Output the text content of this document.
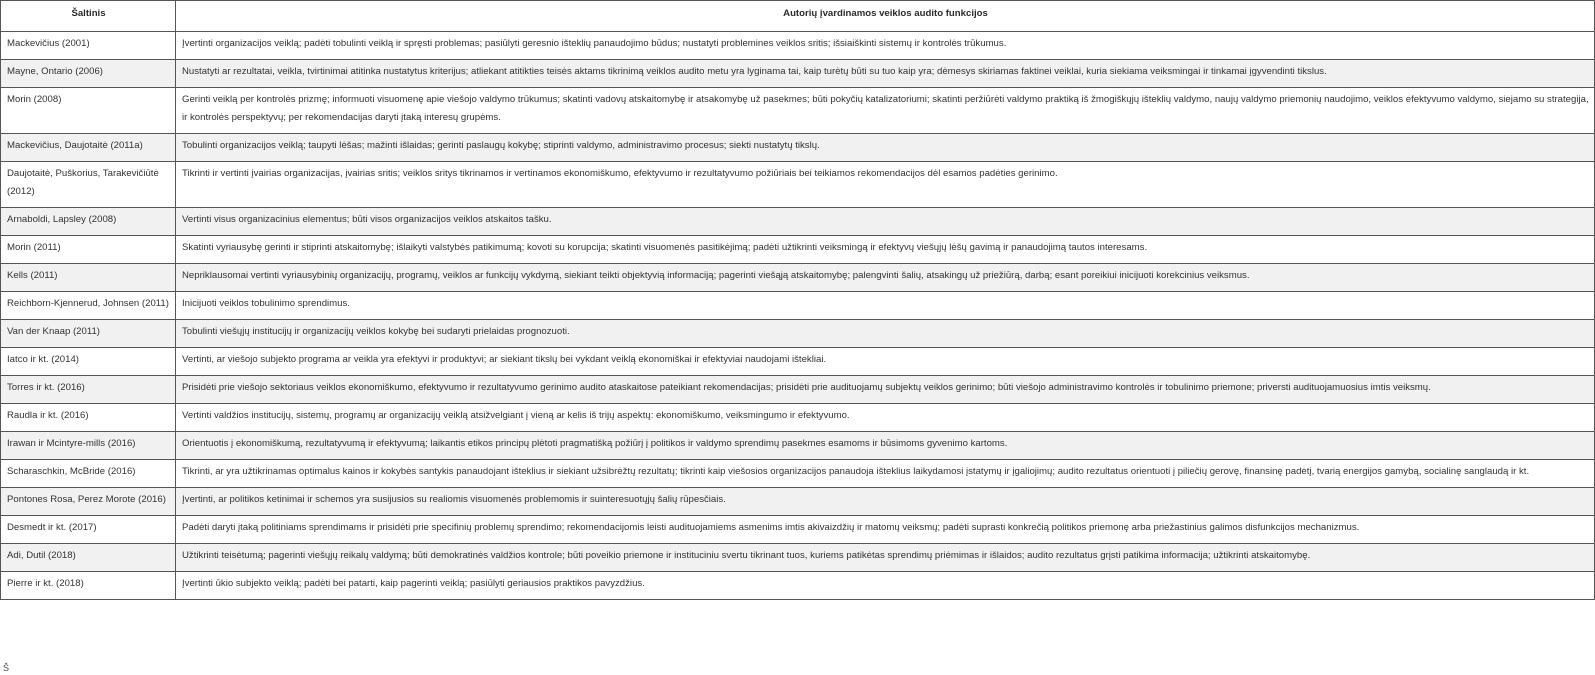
Šaltinis	Autorių įvardinamos veiklos audito funkcijos
Mackevičius (2001)	Įvertinti organizacijos veiklą; padėti tobulinti veiklą ir spręsti problemas; pasiūlyti geresnio išteklių panaudojimo būdus; nustatyti problemines veiklos sritis; išsiaiškinti sistemų ir kontrolės trūkumus.
Mayne, Ontario (2006)	Nustatyti ar rezultatai, veikla, tvirtinimai atitinka nustatytus kriterijus; atliekant atitikties teisės aktams tikrinimą veiklos audito metu yra lyginama tai, kaip turėtų būti su tuo kaip yra; dėmesys skiriamas faktinei veiklai, kuria siekiama veiksmingai ir tinkamai įgyvendinti tikslus.
Morin (2008)	Gerinti veiklą per kontrolės prizmę; informuoti visuomenę apie viešojo valdymo trūkumus; skatinti vadovų atskaitomybę ir atsakomybę už pasekmes; būti pokyčių katalizatoriumi; skatinti peržiūrėti valdymo praktiką iš žmogiškųjų išteklių valdymo, naujų valdymo priemonių naudojimo, veiklos efektyvumo valdymo, siejamo su strategija, ir kontrolės perspektyvų; per rekomendacijas daryti įtaką interesų grupėms.
Mackevičius, Daujotaitė (2011a)	Tobulinti organizacijos veiklą; taupyti lėšas; mažinti išlaidas; gerinti paslaugų kokybę; stiprinti valdymo, administravimo procesus; siekti nustatytų tikslų.
Daujotaitė, Puškorius, Tarakevičiūtė (2012)	Tikrinti ir vertinti įvairias organizacijas, įvairias sritis; veiklos sritys tikrinamos ir vertinamos ekonomiškumo, efektyvumo ir rezultatyvumo požiūriais bei teikiamos rekomendacijos dėl esamos padėties gerinimo.
Arnaboldi, Lapsley (2008)	Vertinti visus organizacinius elementus; būti visos organizacijos veiklos atskaitos tašku.
Morin (2011)	Skatinti vyriausybę gerinti ir stiprinti atskaitomybę; išlaikyti valstybės patikimumą; kovoti su korupcija; skatinti visuomenės pasitikėjimą; padėti užtikrinti veiksmingą ir efektyvų viešųjų lėšų gavimą ir panaudojimą tautos interesams.
Kells (2011)	Nepriklausomai vertinti vyriausybinių organizacijų, programų, veiklos ar funkcijų vykdymą, siekiant teikti objektyvią informaciją; pagerinti viešąją atskaitomybę; palengvinti šalių, atsakingų už priežiūrą, darbą; esant poreikiui inicijuoti korekcinius veiksmus.
Reichborn-Kjennerud, Johnsen (2011)	Inicijuoti veiklos tobulinimo sprendimus.
Van der Knaap (2011)	Tobulinti viešųjų institucijų ir organizacijų veiklos kokybę bei sudaryti prielaidas prognozuoti.
Iatco ir kt. (2014)	Vertinti, ar viešojo subjekto programa ar veikla yra efektyvi ir produktyvi; ar siekiant tikslų bei vykdant veiklą ekonomiškai ir efektyviai naudojami ištekliai.
Torres ir kt. (2016)	Prisidėti prie viešojo sektoriaus veiklos ekonomiškumo, efektyvumo ir rezultatyvumo gerinimo audito ataskaitose pateikiant rekomendacijas; prisidėti prie audituojamų subjektų veiklos gerinimo; būti viešojo administravimo kontrolės ir tobulinimo priemone; priversti audituojamuosius imtis veiksmų.
Raudla ir kt. (2016)	Vertinti valdžios institucijų, sistemų, programų ar organizacijų veiklą atsižvelgiant į vieną ar kelis iš trijų aspektų: ekonomiškumo, veiksmingumo ir efektyvumo.
Irawan ir Mcintyre-mills (2016)	Orientuotis į ekonomiškumą, rezultatyvumą ir efektyvumą; laikantis etikos principų plėtoti pragmatišką požiūrį į politikos ir valdymo sprendimų pasekmes esamoms ir būsimoms gyvenimo kartoms.
Scharaschkin, McBride (2016)	Tikrinti, ar yra užtikrinamas optimalus kainos ir kokybės santykis panaudojant išteklius ir siekiant užsibrėžtų rezultatų; tikrinti kaip viešosios organizacijos panaudoja išteklius laikydamosi įstatymų ir įgaliojimų; audito rezultatus orientuoti į piliečių gerovę, finansinę padėtį, tvarią energijos gamybą, socialinę sanglaudą ir kt.
Pontones Rosa, Perez Morote (2016)	Įvertinti, ar politikos ketinimai ir schemos yra susijusios su realiomis visuomenės problemomis ir suinteresuotųjų šalių rūpesčiais.
Desmedt ir kt. (2017)	Padėti daryti įtaką politiniams sprendimams ir prisidėti prie specifinių problemų sprendimo; rekomendacijomis leisti audituojamiems asmenims imtis akivaizdžių ir matomų veiksmų; padėti suprasti konkrečią politikos priemonę arba priežastinius galimos disfunkcijos mechanizmus.
Adi, Dutil (2018)	Užtikrinti teisėtumą; pagerinti viešųjų reikalų valdymą; būti demokratinės valdžios kontrole; būti poveikio priemone ir instituciniu svertu tikrinant tuos, kuriems patikėtas sprendimų priėmimas ir išlaidos; audito rezultatus grįsti patikima informacija; užtikrinti atskaitomybę.
Pierre ir kt. (2018)	Įvertinti ūkio subjekto veiklą; padėti bei patarti, kaip pagerinti veiklą; pasiūlyti geriausios praktikos pavyzdžius.
Š
